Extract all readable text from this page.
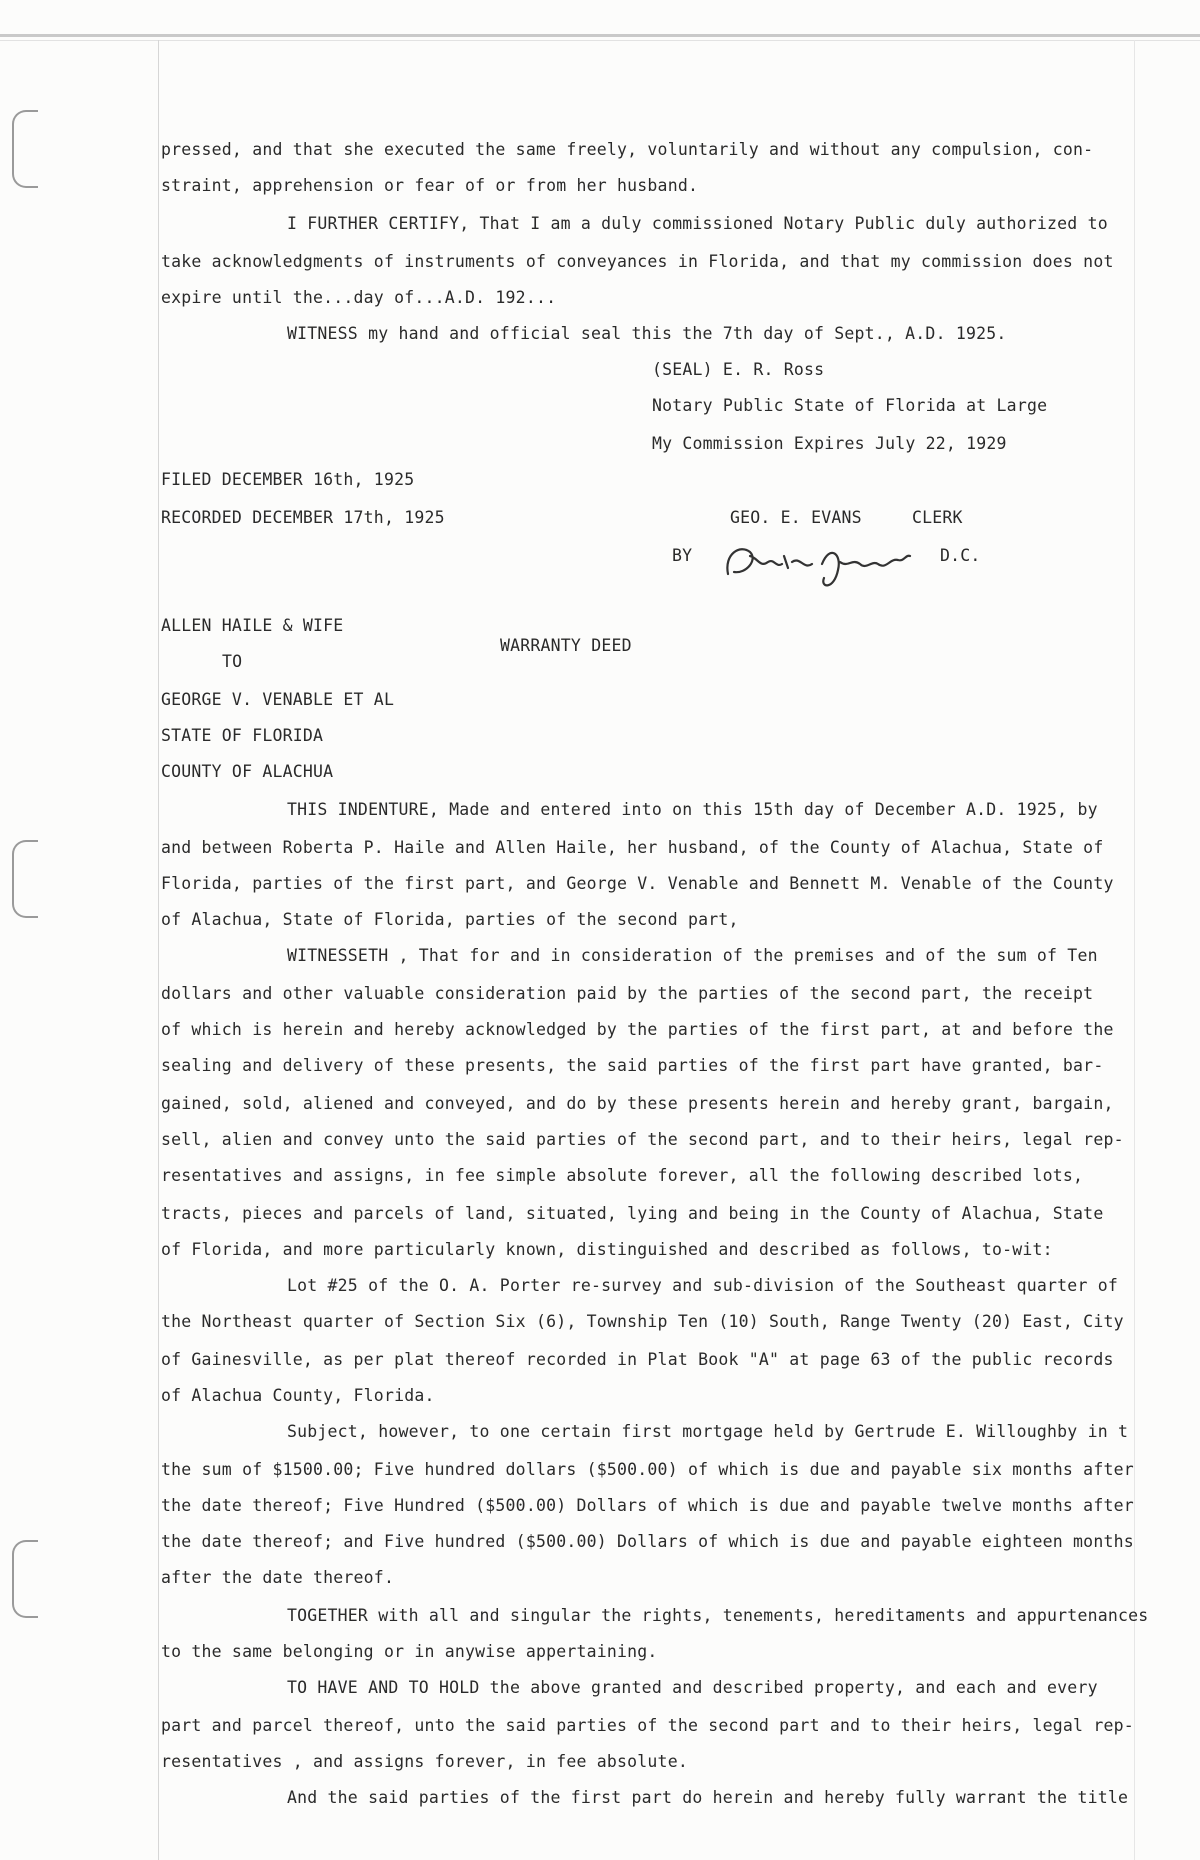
pressed, and that she executed the same freely, voluntarily and without any compulsion, con-
straint, apprehension or fear of or from her husband.
I FURTHER CERTIFY, That I am a duly commissioned Notary Public duly authorized to
take acknowledgments of instruments of conveyances in Florida, and that my commission does not
expire until the...day of...A.D. 192...
WITNESS my hand and official seal this the 7th day of Sept., A.D. 1925.
(SEAL) E. R. Ross
Notary Public State of Florida at Large
My Commission Expires July 22, 1929
FILED DECEMBER 16th, 1925
RECORDED DECEMBER 17th, 1925	GEO. E. EVANS	CLERK
BY	D.C.
ALLEN HAILE & WIFE
WARRANTY DEED
TO
GEORGE V. VENABLE ET AL
STATE OF FLORIDA
COUNTY OF ALACHUA
THIS INDENTURE, Made and entered into on this 15th day of December A.D. 1925, by
and between Roberta P. Haile and Allen Haile, her husband, of the County of Alachua, State of
Florida, parties of the first part, and George V. Venable and Bennett M. Venable of the County
of Alachua, State of Florida, parties of the second part,
WITNESSETH , That for and in consideration of the premises and of the sum of Ten
dollars and other valuable consideration paid by the parties of the second part, the receipt
of which is herein and hereby acknowledged by the parties of the first part, at and before the
sealing and delivery of these presents, the said parties of the first part have granted, bar-
gained, sold, aliened and conveyed, and do by these presents herein and hereby grant, bargain,
sell, alien and convey unto the said parties of the second part, and to their heirs, legal rep-
resentatives and assigns, in fee simple absolute forever, all the following described lots,
tracts, pieces and parcels of land, situated, lying and being in the County of Alachua, State
of Florida, and more particularly known, distinguished and described as follows, to-wit:
Lot #25 of the O. A. Porter re-survey and sub-division of the Southeast quarter of
the Northeast quarter of Section Six (6), Township Ten (10) South, Range Twenty (20) East, City
of Gainesville, as per plat thereof recorded in Plat Book "A" at page 63 of the public records
of Alachua County, Florida.
Subject, however, to one certain first mortgage held by Gertrude E. Willoughby in t
the sum of $1500.00; Five hundred dollars ($500.00) of which is due and payable six months after
the date thereof; Five Hundred ($500.00) Dollars of which is due and payable twelve months after
the date thereof; and Five hundred ($500.00) Dollars of which is due and payable eighteen months
after the date thereof.
TOGETHER with all and singular the rights, tenements, hereditaments and appurtenances
to the same belonging or in anywise appertaining.
TO HAVE AND TO HOLD the above granted and described property, and each and every
part and parcel thereof, unto the said parties of the second part and to their heirs, legal rep-
resentatives , and assigns forever, in fee absolute.
And the said parties of the first part do herein and hereby fully warrant the title
